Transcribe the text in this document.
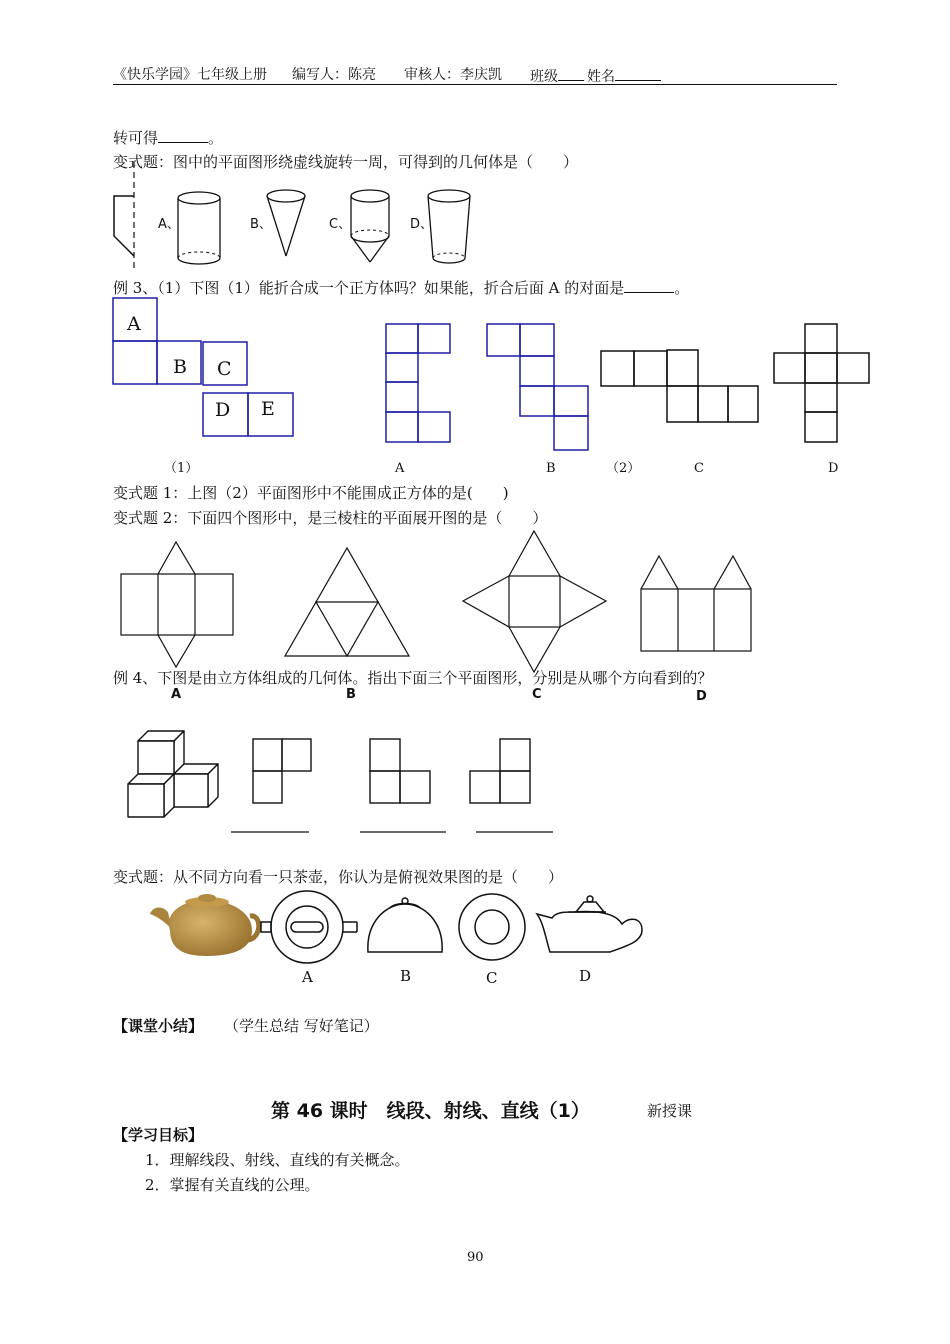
《快乐学园》七年级上册 编写人：陈亮 审核人：李庆凯 班级	姓名
转可得	。
变式题：图中的平面图形绕虚线旋转一周，可得到的几何体是（　　）
A、	B、	C、	D、
例 3、（1）下图（1）能折合成一个正方体吗？如果能，折合后面 A 的对面是	。
A
B C
D E
（1）	A	B	（2）	C	D
变式题 1：上图（2）平面图形中不能围成正方体的是(　　)
变式题 2：下面四个图形中，是三棱柱的平面展开图的是（　　）
例 4、下图是由立方体组成的几何体。指出下面三个平面图形，分别是从哪个方向看到的？
A	B	C	D
变式题：从不同方向看一只茶壶，你认为是俯视效果图的是（　　）
A	B	C	D
【课堂小结】 （学生总结 写好笔记）
第 46 课时　线段、射线、直线（1）	新授课
【学习目标】
1．理解线段、射线、直线的有关概念。
2．掌握有关直线的公理。
90
